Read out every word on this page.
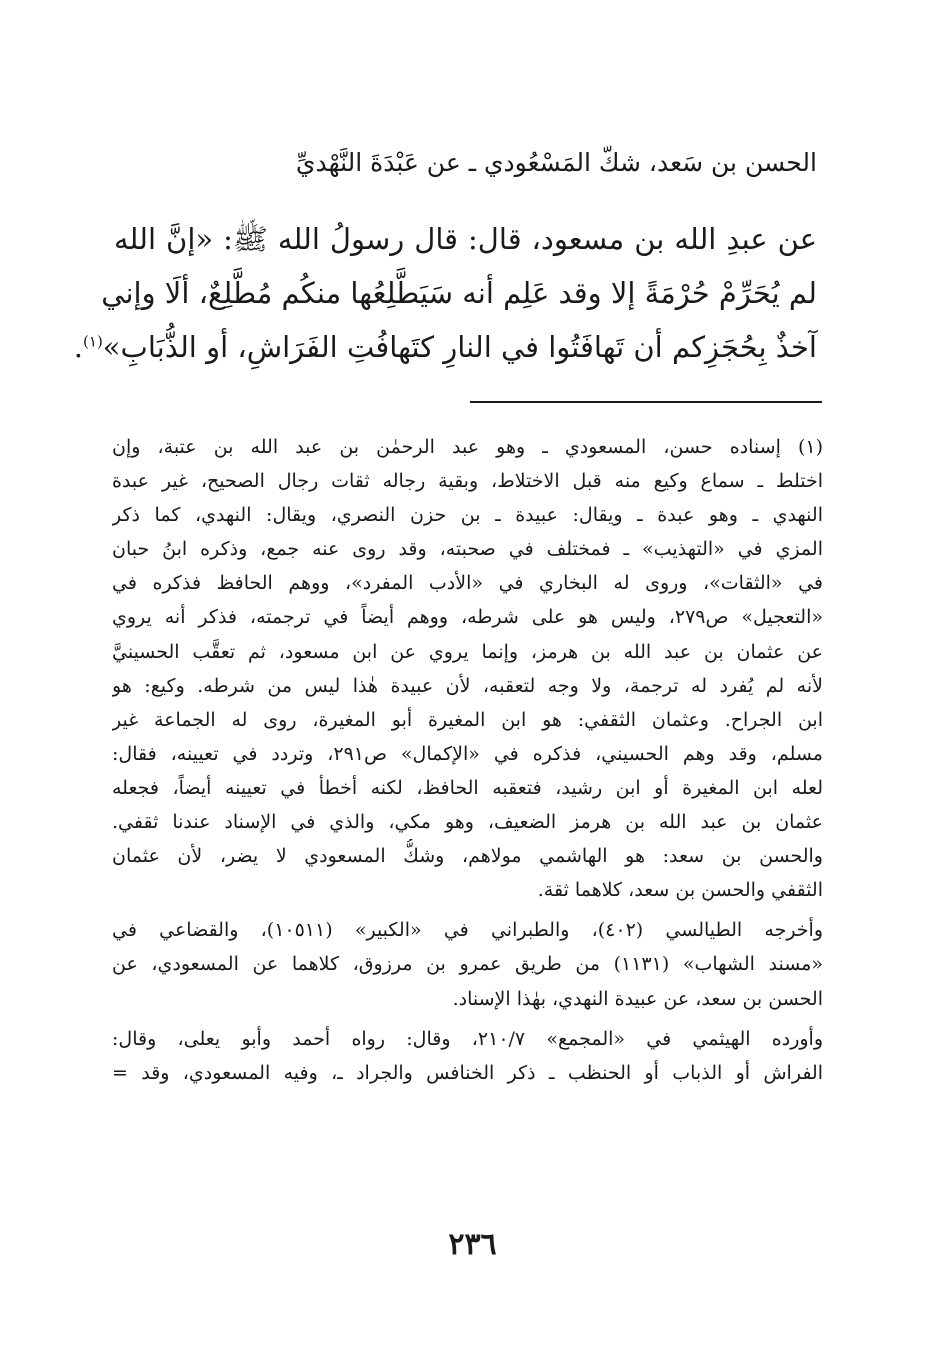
الحسن بن سَعد، شكّ المَسْعُودي ـ عن عَبْدَةَ النَّهْديِّ
عن عبدِ الله بن مسعود، قال: قال رسولُ الله ﷺ: «إنَّ الله
لم يُحَرِّمْ حُرْمَةً إلا وقد عَلِم أنه سَيَطَّلِعُها منكُم مُطَّلِعٌ، ألَا وإني
آخذٌ بِحُجَزِكم أن تَهافَتُوا في النارِ كتَهافُتِ الفَرَاشِ، أو الذُّبَابِ»$^{(١)}$.
(١) إسناده حسن، المسعودي ـ وهو عبد الرحمٰن بن عبد الله بن عتبة، وإن
اختلط ـ سماع وكيع منه قبل الاختلاط، وبقية رجاله ثقات رجال الصحيح، غير عبدة
النهدي ـ وهو عبدة ـ ويقال: عبيدة ـ بن حزن النصري، ويقال: النهدي، كما ذكر
المزي في «التهذيب» ـ فمختلف في صحبته، وقد روى عنه جمع، وذكره ابنُ حبان
في «الثقات»، وروى له البخاري في «الأدب المفرد»، ووهم الحافظ فذكره في
«التعجيل» ص٢٧٩، وليس هو على شرطه، ووهم أيضاً في ترجمته، فذكر أنه يروي
عن عثمان بن عبد الله بن هرمز، وإنما يروي عن ابن مسعود، ثم تعقَّب الحسينيَّ
لأنه لم يُفرد له ترجمة، ولا وجه لتعقبه، لأن عبيدة هٰذا ليس من شرطه. وكيع: هو
ابن الجراح. وعثمان الثقفي: هو ابن المغيرة أبو المغيرة، روى له الجماعة غير
مسلم، وقد وهم الحسيني، فذكره في «الإكمال» ص٢٩١، وتردد في تعيينه، فقال:
لعله ابن المغيرة أو ابن رشيد، فتعقبه الحافظ، لكنه أخطأ في تعيينه أيضاً، فجعله
عثمان بن عبد الله بن هرمز الضعيف، وهو مكي، والذي في الإسناد عندنا ثقفي.
والحسن بن سعد: هو الهاشمي مولاهم، وشكُّ المسعودي لا يضر، لأن عثمان
الثقفي والحسن بن سعد، كلاهما ثقة.
وأخرجه الطيالسي (٤٠٢)، والطبراني في «الكبير» (١٠٥١١)، والقضاعي في
«مسند الشهاب» (١١٣١) من طريق عمرو بن مرزوق، كلاهما عن المسعودي، عن
الحسن بن سعد، عن عبيدة النهدي، بهٰذا الإسناد.
وأورده الهيثمي في «المجمع» ٢١٠/٧، وقال: رواه أحمد وأبو يعلى، وقال:
الفراش أو الذباب أو الحنظب ـ ذكر الخنافس والجراد ـ، وفيه المسعودي، وقد =
٢٣٦
